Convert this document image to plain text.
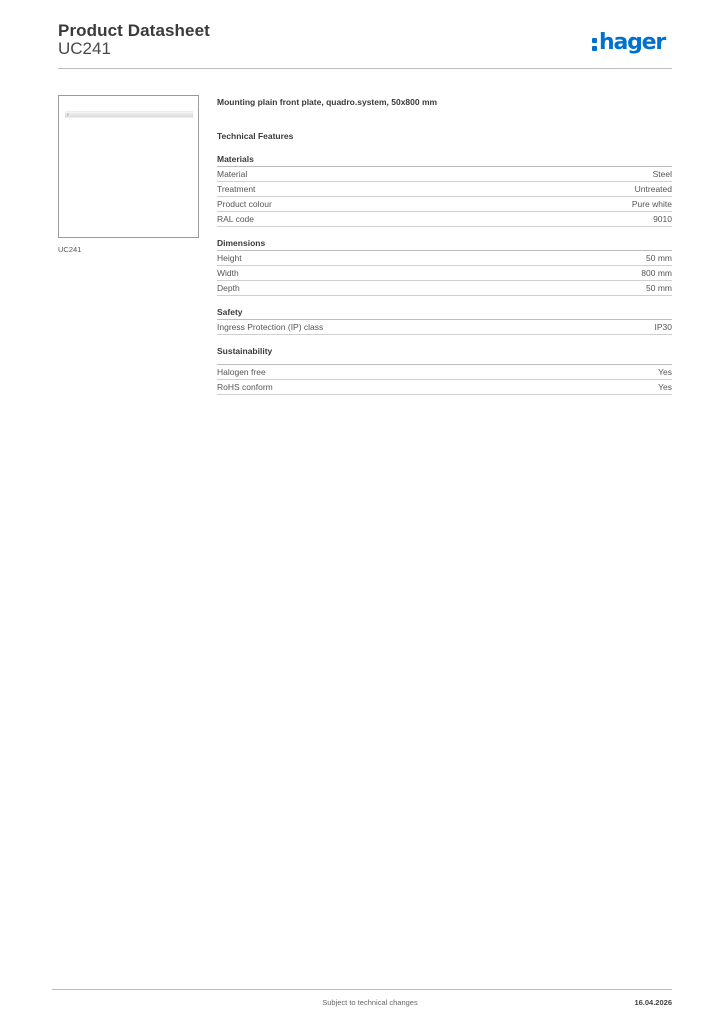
Product Datasheet
UC241	hager
UC241
Mounting plain front plate, quadro.system, 50x800 mm
Technical Features
Materials
Material	Steel
Treatment	Untreated
Product colour	Pure white
RAL code	9010
Dimensions
Height	50 mm
Width	800 mm
Depth	50 mm
Safety
Ingress Protection (IP) class	IP30
Sustainability
Halogen free	Yes
RoHS conform	Yes
Subject to technical changes	16.04.2026
